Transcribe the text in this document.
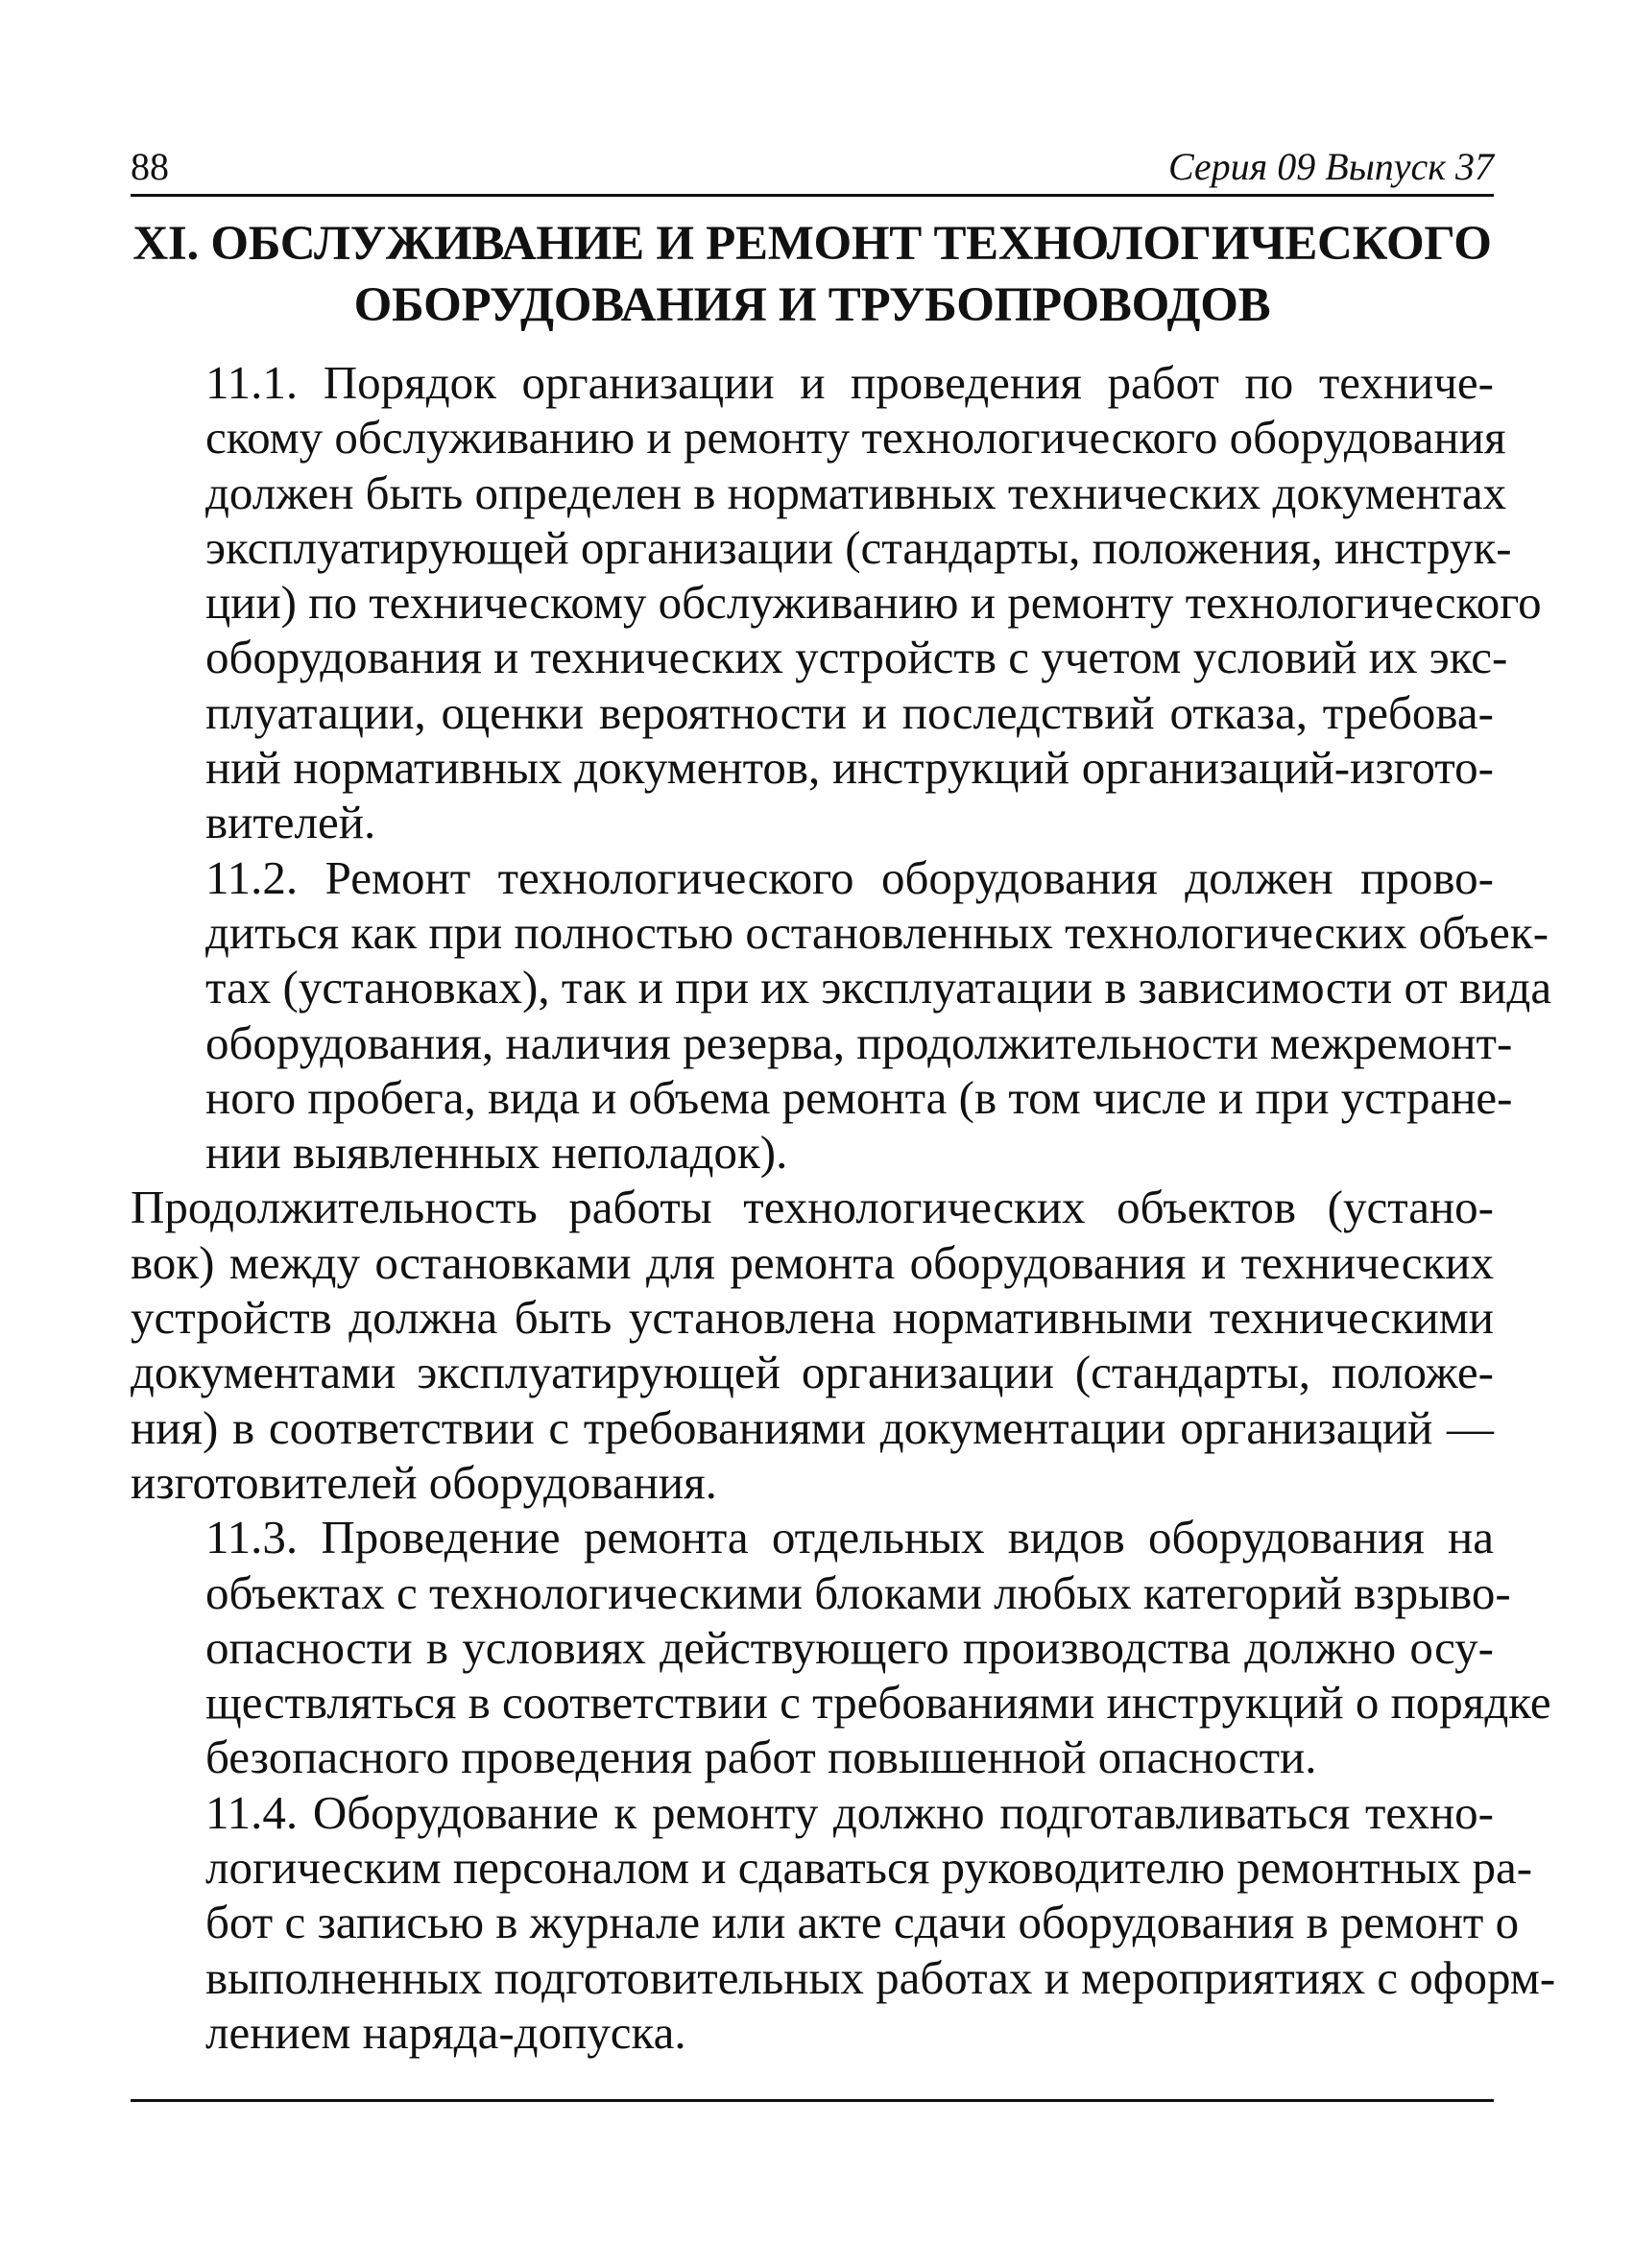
88	Серия 09 Выпуск 37
XI. ОБСЛУЖИВАНИЕ И РЕМОНТ ТЕХНОЛОГИЧЕСКОГО
ОБОРУДОВАНИЯ И ТРУБОПРОВОДОВ

11.1. Порядок организации и проведения работ по техниче-
скому обслуживанию и ремонту технологического оборудования
должен быть определен в нормативных технических документах
эксплуатирующей организации (стандарты, положения, инструк-
ции) по техническому обслуживанию и ремонту технологического
оборудования и технических устройств с учетом условий их экс-
плуатации, оценки вероятности и последствий отказа, требова-
ний нормативных документов, инструкций организаций-изгото-
вителей.

11.2. Ремонт технологического оборудования должен прово-
диться как при полностью остановленных технологических объек-
тах (установках), так и при их эксплуатации в зависимости от вида
оборудования, наличия резерва, продолжительности межремонт-
ного пробега, вида и объема ремонта (в том числе и при устране-
нии выявленных неполадок).

Продолжительность работы технологических объектов (устано-
вок) между остановками для ремонта оборудования и технических
устройств должна быть установлена нормативными техническими
документами эксплуатирующей организации (стандарты, положе-
ния) в соответствии с требованиями документации организаций —
изготовителей оборудования.

11.3. Проведение ремонта отдельных видов оборудования на
объектах с технологическими блоками любых категорий взрыво-
опасности в условиях действующего производства должно осу-
ществляться в соответствии с требованиями инструкций о порядке
безопасного проведения работ повышенной опасности.

11.4. Оборудование к ремонту должно подготавливаться техно-
логическим персоналом и сдаваться руководителю ремонтных ра-
бот с записью в журнале или акте сдачи оборудования в ремонт о
выполненных подготовительных работах и мероприятиях с оформ-
лением наряда-допуска.
